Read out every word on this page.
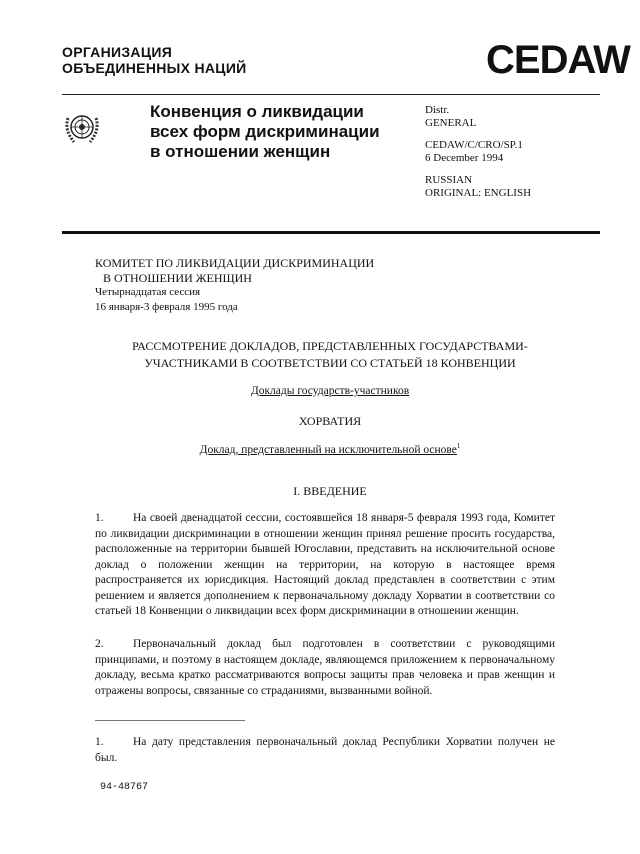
ОРГАНИЗАЦИЯ
ОБЪЕДИНЕННЫХ НАЦИЙ	CEDAW
Конвенция о ликвидации
всех форм дискриминации
в отношении женщин
Distr.
GENERAL
CEDAW/C/CRO/SP.1
6 December 1994
RUSSIAN
ORIGINAL: ENGLISH
КОМИТЕТ ПО ЛИКВИДАЦИИ ДИСКРИМИНАЦИИ
В ОТНОШЕНИИ ЖЕНЩИН
Четырнадцатая сессия
16 января-3 февраля 1995 года
РАССМОТРЕНИЕ ДОКЛАДОВ, ПРЕДСТАВЛЕННЫХ ГОСУДАРСТВАМИ-
УЧАСТНИКАМИ В СООТВЕТСТВИИ СО СТАТЬЕЙ 18 КОНВЕНЦИИ
Доклады государств-участников
ХОРВАТИЯ
Доклад, представленный на исключительной основе$^1$
I. ВВЕДЕНИЕ
1.	На своей двенадцатой сессии, состоявшейся 18 января-5 февраля 1993 года, Комитет по ликвидации дискриминации в отношении женщин принял решение просить государства, расположенные на территории бывшей Югославии, представить на исключительной основе доклад о положении женщин на территории, на которую в настоящее время распространяется их юрисдикция. Настоящий доклад представлен в соответствии с этим решением и является дополнением к первоначальному докладу Хорватии в соответствии со статьей 18 Конвенции о ликвидации всех форм дискриминации в отношении женщин.
2.	Первоначальный доклад был подготовлен в соответствии с руководящими принципами, и поэтому в настоящем докладе, являющемся приложением к первоначальному докладу, весьма кратко рассматриваются вопросы защиты прав человека и прав женщин и отражены вопросы, связанные со страданиями, вызванными войной.
1.	На дату представления первоначальный доклад Республики Хорватии получен не был.
94-48767
